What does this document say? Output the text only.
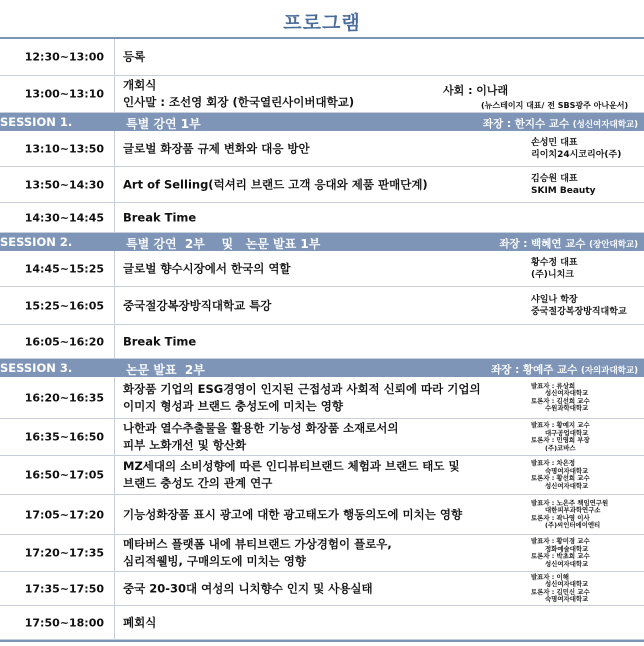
프로그램
12:30~13:00 등록
13:00~13:10
개회식
인사말 : 조선영 회장 (한국열린사이버대학교)
사회 : 이나래
(뉴스테이지 대표/ 전 SBS광주 아나운서)
SESSION 1.	특별 강연 1부	좌장 : 한지수 교수 (성신여자대학교)
13:10~13:50 글로벌 화장품 규제 변화와 대응 방안	손성민 대표
리이치24시코리아(주)
13:50~14:30 Art of Selling(럭셔리 브랜드 고객 응대와 제품 판매단계)	김승원 대표
SKIM Beauty
14:30~14:45 Break Time
SESSION 2.	특별 강연  2부    및   논문 발표 1부	좌장 : 백혜연 교수 (장안대학교)
14:45~15:25 글로벌 향수시장에서 한국의 역할	황수정 대표
(주)니치크
15:25~16:05 중국절강복장방직대학교 특강	샤일나 학장
중국절강복장방직대학교
16:05~16:20 Break Time
SESSION 3.	논문 발표  2부	좌장 : 황예주 교수 (자의과대학교)
16:20~16:35
화장품 기업의 ESG경영이 인지된 근접성과 사회적 신뢰에 따라 기업의
이미지 형성과 브랜드 충성도에 미치는 영향
발표자 : 류상희
성신여자대학교
토론자 : 김선희 교수
수원과학대학교
16:35~16:50
나한과 열수추출물을 활용한 기능성 화장품 소재로서의
피부 노화개선 및 항산화
발표자 : 황예지 교수
대구공업대학교
토론자 : 민영희 부장
(주)코바스
16:50~17:05
MZ세대의 소비성향에 따른 인디뷰티브랜드 체험과 브랜드 태도 및
브랜드 충성도 간의 관계 연구
발표자 : 차은정
숙명여자대학교
토론자 : 황선희 교수
성신여자대학교
17:05~17:20 기능성화장품 표시 광고에 대한 광고태도가 행동의도에 미치는 영향
발표자 : 노은주 책임연구원
대한피부과학연구소
토론자 : 곽나영 이사
(주)씨인터에이엔티
17:20~17:35
메타버스 플랫폼 내에 뷰티브랜드 가상경험이 플로우,
심리적웰빙, 구매의도에 미치는 영향
발표자 : 황미경 교수
정화예술대학교
토론자 : 박초희 교수
성신여자대학교
17:35~17:50 중국 20-30대 여성의 니치향수 인지 및 사용실태
발표자 : 이해
성신여자대학교
토론자 : 김민신 교수
숙명여자대학교
17:50~18:00 폐회식
